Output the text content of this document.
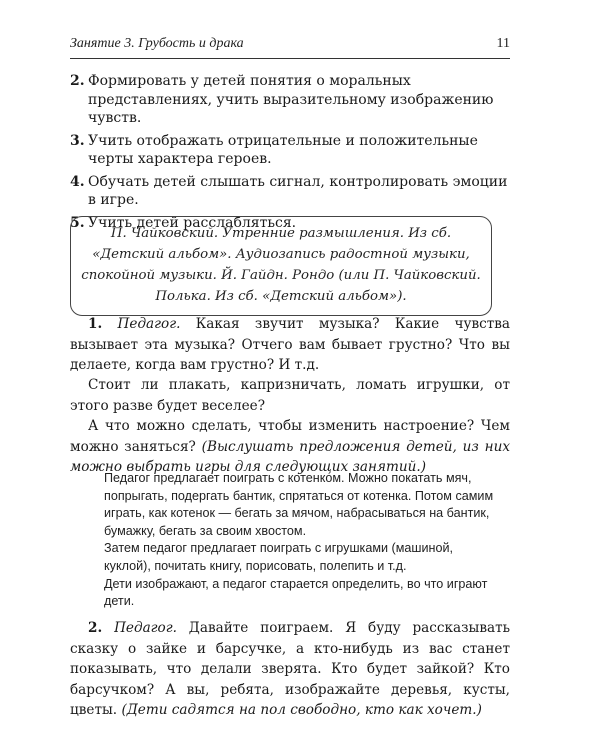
Занятие 3. Грубость и драка	11
2. Формировать у детей понятия о моральных представлениях, учить выразительному изображению чувств.
3. Учить отображать отрицательные и положительные черты характера героев.
4. Обучать детей слышать сигнал, контролировать эмоции в игре.
5. Учить детей расслабляться.
П. Чайковский. Утренние размышления. Из сб. «Детский альбом». Аудиозапись радостной музыки, спокойной музыки. Й. Гайдн. Рондо (или П. Чайковский. Полька. Из сб. «Детский альбом»).
1. Педагог. Какая звучит музыка? Какие чувства вызывает эта музыка? Отчего вам бывает грустно? Что вы делаете, когда вам грустно? И т.д.
Стоит ли плакать, капризничать, ломать игрушки, от этого разве будет веселее?
А что можно сделать, чтобы изменить настроение? Чем можно заняться? (Выслушать предложения детей, из них можно выбрать игры для следующих занятий.)

Педагог предлагает поиграть с котенком. Можно покатать мяч, попрыгать, подергать бантик, спрятаться от котенка. Потом самим играть, как котенок — бегать за мячом, набрасываться на бантик, бумажку, бегать за своим хвостом.

Затем педагог предлагает поиграть с игрушками (машиной, куклой), почитать книгу, порисовать, полепить и т.д.

Дети изображают, а педагог старается определить, во что играют дети.

2. Педагог. Давайте поиграем. Я буду рассказывать сказку о зайке и барсучке, а кто-нибудь из вас станет показывать, что делали зверята. Кто будет зайкой? Кто барсучком? А вы, ребята, изображайте деревья, кусты, цветы. (Дети садятся на пол свободно, кто как хочет.)
